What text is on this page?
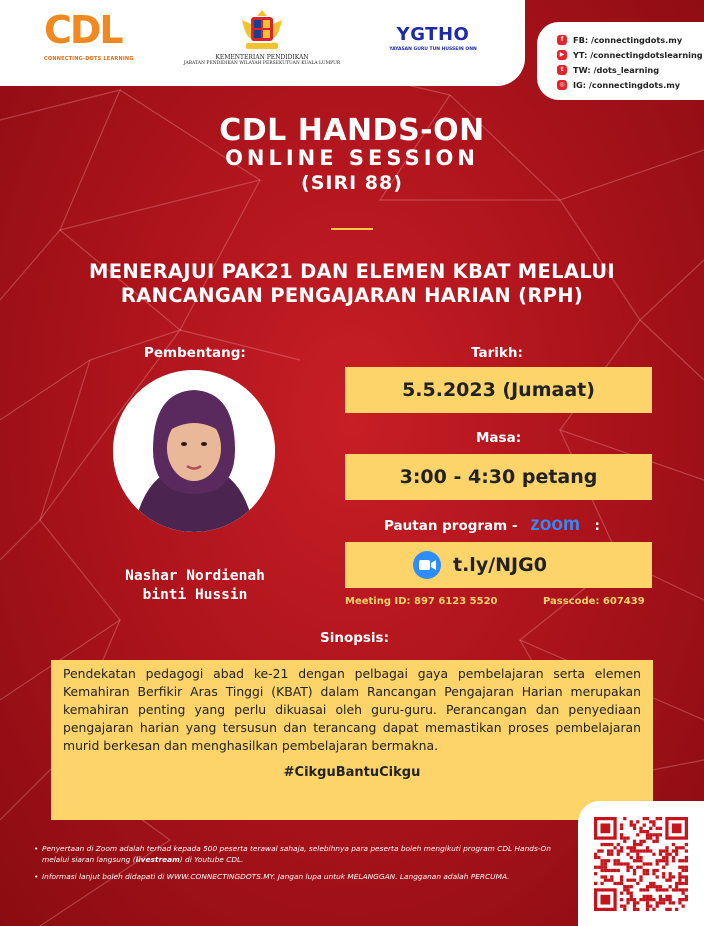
CDL
CONNECTING-DOTS LEARNING	KEMENTERIAN PENDIDIKAN
JABATAN PENDIDIKAN WILAYAH PERSEKUTUAN KUALA LUMPUR
YGTHO
YAYASAN GURU TUN HUSSEIN ONN
f	FB: /connectingdots.my
▶	YT: /connectingdotslearning
t	TW: /dots_learning
◎ IG: /connectingdots.my
CDL HANDS-ON
ONLINE SESSION
(SIRI 88)
MENERAJUI PAK21 DAN ELEMEN KBAT MELALUI
RANCANGAN PENGAJARAN HARIAN (RPH)
Pembentang:
Nashar Nordienah
binti Hussin
Tarikh:
5.5.2023 (Jumaat)
Masa:
3:00 - 4:30 petang
Pautan program - zoom :
t.ly/NJG0
Meeting ID: 897 6123 5520	Passcode: 607439
Sinopsis:
Pendekatan pedagogi abad ke-21 dengan pelbagai gaya pembelajaran serta elemen Kemahiran Berfikir Aras Tinggi (KBAT) dalam Rancangan Pengajaran Harian merupakan kemahiran penting yang perlu dikuasai oleh guru-guru. Perancangan dan penyediaan pengajaran harian yang tersusun dan terancang dapat memastikan proses pembelajaran murid berkesan dan menghasilkan pembelajaran bermakna.
#CikguBantuCikgu
• Penyertaan di Zoom adalah terhad kepada 500 peserta terawal sahaja, selebihnya para peserta boleh mengikuti program CDL Hands-On melalui siaran langsung (livestream) di Youtube CDL.
• Informasi lanjut boleh didapati di WWW.CONNECTINGDOTS.MY. Jangan lupa untuk MELANGGAN. Langganan adalah PERCUMA.
